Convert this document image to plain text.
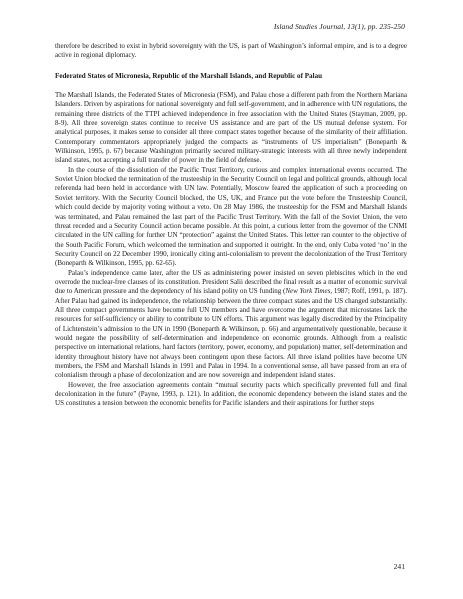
Island Studies Journal, 13(1), pp. 235-250

therefore be described to exist in hybrid sovereignty with the US, is part of Washington’s informal empire, and is to a degree active in regional diplomacy.

Federated States of Micronesia, Republic of the Marshall Islands, and Republic of Palau

The Marshall Islands, the Federated States of Micronesia (FSM), and Palau chose a different path from the Northern Mariana Islanders. Driven by aspirations for national sovereignty and full self-government, and in adherence with UN regulations, the remaining three districts of the TTPI achieved independence in free association with the United States (Stayman, 2009, pp. 8-9). All three sovereign states continue to receive US assistance and are part of the US mutual defense system. For analytical purposes, it makes sense to consider all three compact states together because of the similarity of their affiliation. Contemporary commentators appropriately judged the compacts as “instruments of US imperialism” (Boneparth & Wilkinson, 1995, p. 67) because Washington primarily secured military-strategic interests with all three newly independent island states, not accepting a full transfer of power in the field of defense.

In the course of the dissolution of the Pacific Trust Territory, curious and complex international events occurred. The Soviet Union blocked the termination of the trusteeship in the Security Council on legal and political grounds, although local referenda had been held in accordance with UN law. Potentially, Moscow feared the application of such a proceeding on Soviet territory. With the Security Council blocked, the US, UK, and France put the vote before the Trusteeship Council, which could decide by majority voting without a veto. On 28 May 1986, the trusteeship for the FSM and Marshall Islands was terminated, and Palau remained the last part of the Pacific Trust Territory. With the fall of the Soviet Union, the veto threat receded and a Security Council action became possible. At this point, a curious letter from the governor of the CNMI circulated in the UN calling for further UN “protection” against the United States. This letter ran counter to the objective of the South Pacific Forum, which welcomed the termination and supported it outright. In the end, only Cuba voted ‘no’ in the Security Council on 22 December 1990, ironically citing anti-colonialism to prevent the decolonization of the Trust Territory (Boneparth & Wilkinson, 1995, pp. 62-65).

Palau’s independence came later, after the US as administering power insisted on seven plebiscites which in the end overrode the nuclear-free clauses of its constitution. President Salii described the final result as a matter of economic survival due to American pressure and the dependency of his island polity on US funding (New York Times, 1987; Roff, 1991, p. 187). After Palau had gained its independence, the relationship between the three compact states and the US changed substantially. All three compact governments have become full UN members and have overcome the argument that microstates lack the resources for self-sufficiency or ability to contribute to UN efforts. This argument was legally discredited by the Principality of Lichtenstein’s admission to the UN in 1990 (Boneparth & Wilkinson, p. 66) and argumentatively questionable, because it would negate the possibility of self-determination and independence on economic grounds. Although from a realistic perspective on international relations, hard factors (territory, power, economy, and population) matter, self-determination and identity throughout history have not always been contingent upon these factors. All three island polities have become UN members, the FSM and Marshall Islands in 1991 and Palau in 1994. In a conventional sense, all have passed from an era of colonialism through a phase of decolonization and are now sovereign and independent island states.

However, the free association agreements contain “mutual security pacts which specifically prevented full and final decolonization in the future” (Payne, 1993, p. 121). In addition, the economic dependency between the island states and the US constitutes a tension between the economic benefits for Pacific islanders and their aspirations for further steps

241
